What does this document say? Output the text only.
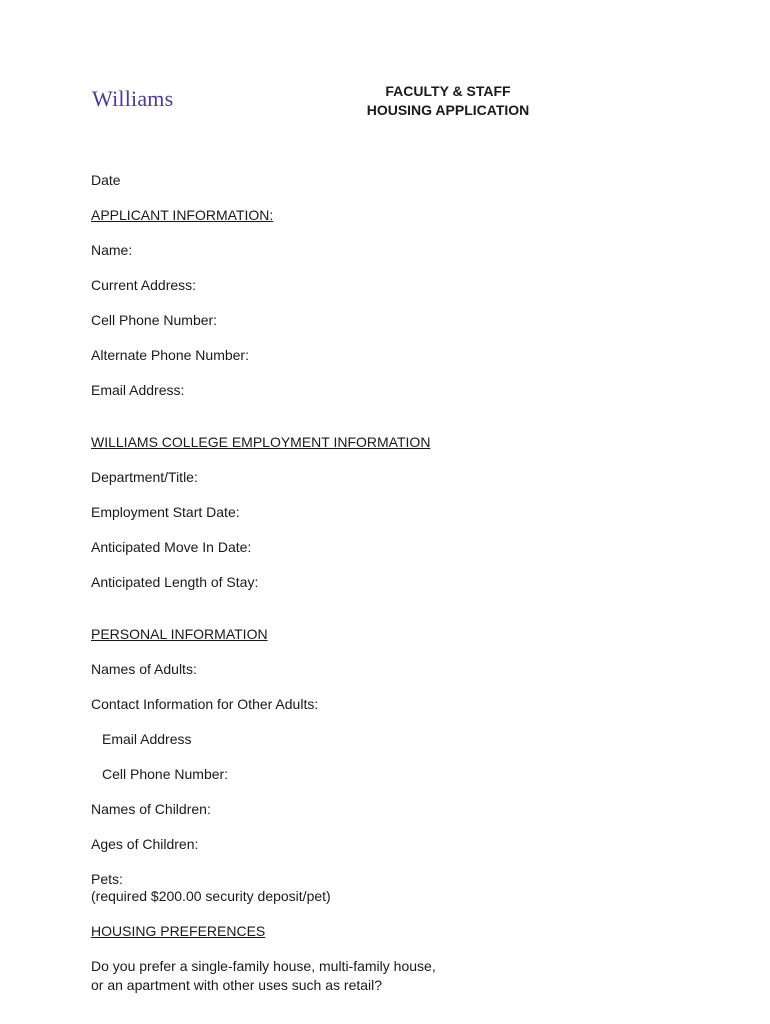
Williams	FACULTY & STAFF
HOUSING APPLICATION
Date
APPLICANT INFORMATION:
Name:
Current Address:
Cell Phone Number:
Alternate Phone Number:
Email Address:
WILLIAMS COLLEGE EMPLOYMENT INFORMATION
Department/Title:
Employment Start Date:
Anticipated Move In Date:
Anticipated Length of Stay:
PERSONAL INFORMATION
Names of Adults:
Contact Information for Other Adults:
Email Address
Cell Phone Number:
Names of Children:
Ages of Children:
Pets:
(required $200.00 security deposit/pet)
HOUSING PREFERENCES
Do you prefer a single-family house, multi-family house,
or an apartment with other uses such as retail?
